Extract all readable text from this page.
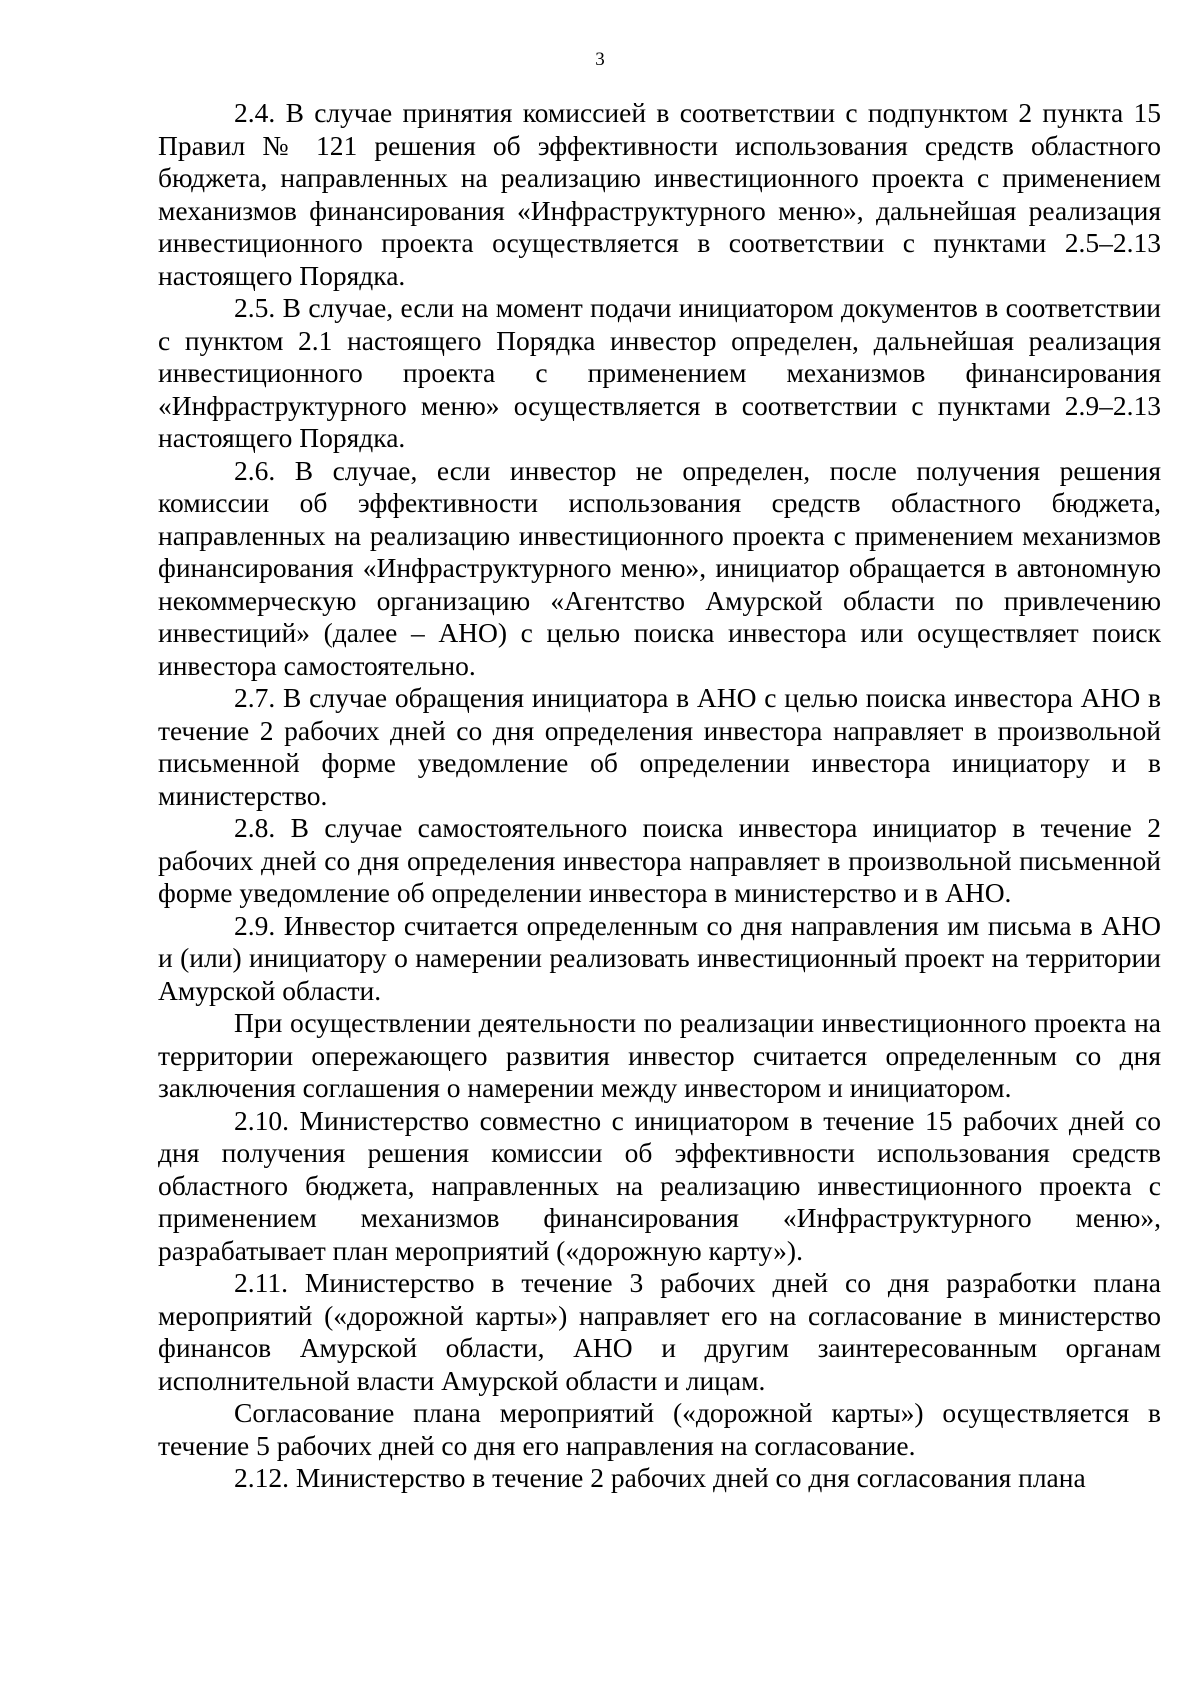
3

2.4. В случае принятия комиссией в соответствии с подпунктом 2 пункта 15 Правил № 121 решения об эффективности использования средств областного бюджета, направленных на реализацию инвестиционного проекта с применением механизмов финансирования «Инфраструктурного меню», дальнейшая реализация инвестиционного проекта осуществляется в соответствии с пунктами 2.5–2.13 настоящего Порядка.

2.5. В случае, если на момент подачи инициатором документов в соответствии с пунктом 2.1 настоящего Порядка инвестор определен, дальнейшая реализация инвестиционного проекта с применением механизмов финансирования «Инфраструктурного меню» осуществляется в соответствии с пунктами 2.9–2.13 настоящего Порядка.

2.6. В случае, если инвестор не определен, после получения решения комиссии об эффективности использования средств областного бюджета, направленных на реализацию инвестиционного проекта с применением механизмов финансирования «Инфраструктурного меню», инициатор обращается в автономную некоммерческую организацию «Агентство Амурской области по привлечению инвестиций» (далее – АНО) с целью поиска инвестора или осуществляет поиск инвестора самостоятельно.

2.7. В случае обращения инициатора в АНО с целью поиска инвестора АНО в течение 2 рабочих дней со дня определения инвестора направляет в произвольной письменной форме уведомление об определении инвестора инициатору и в министерство.

2.8. В случае самостоятельного поиска инвестора инициатор в течение 2 рабочих дней со дня определения инвестора направляет в произвольной письменной форме уведомление об определении инвестора в министерство и в АНО.

2.9. Инвестор считается определенным со дня направления им письма в АНО и (или) инициатору о намерении реализовать инвестиционный проект на территории Амурской области.

При осуществлении деятельности по реализации инвестиционного проекта на территории опережающего развития инвестор считается определенным со дня заключения соглашения о намерении между инвестором и инициатором.

2.10. Министерство совместно с инициатором в течение 15 рабочих дней со дня получения решения комиссии об эффективности использования средств областного бюджета, направленных на реализацию инвестиционного проекта с применением механизмов финансирования «Инфраструктурного меню», разрабатывает план мероприятий («дорожную карту»).

2.11. Министерство в течение 3 рабочих дней со дня разработки плана мероприятий («дорожной карты») направляет его на согласование в министерство финансов Амурской области, АНО и другим заинтересованным органам исполнительной власти Амурской области и лицам.

Согласование плана мероприятий («дорожной карты») осуществляется в течение 5 рабочих дней со дня его направления на согласование.

2.12. Министерство в течение 2 рабочих дней со дня согласования плана
